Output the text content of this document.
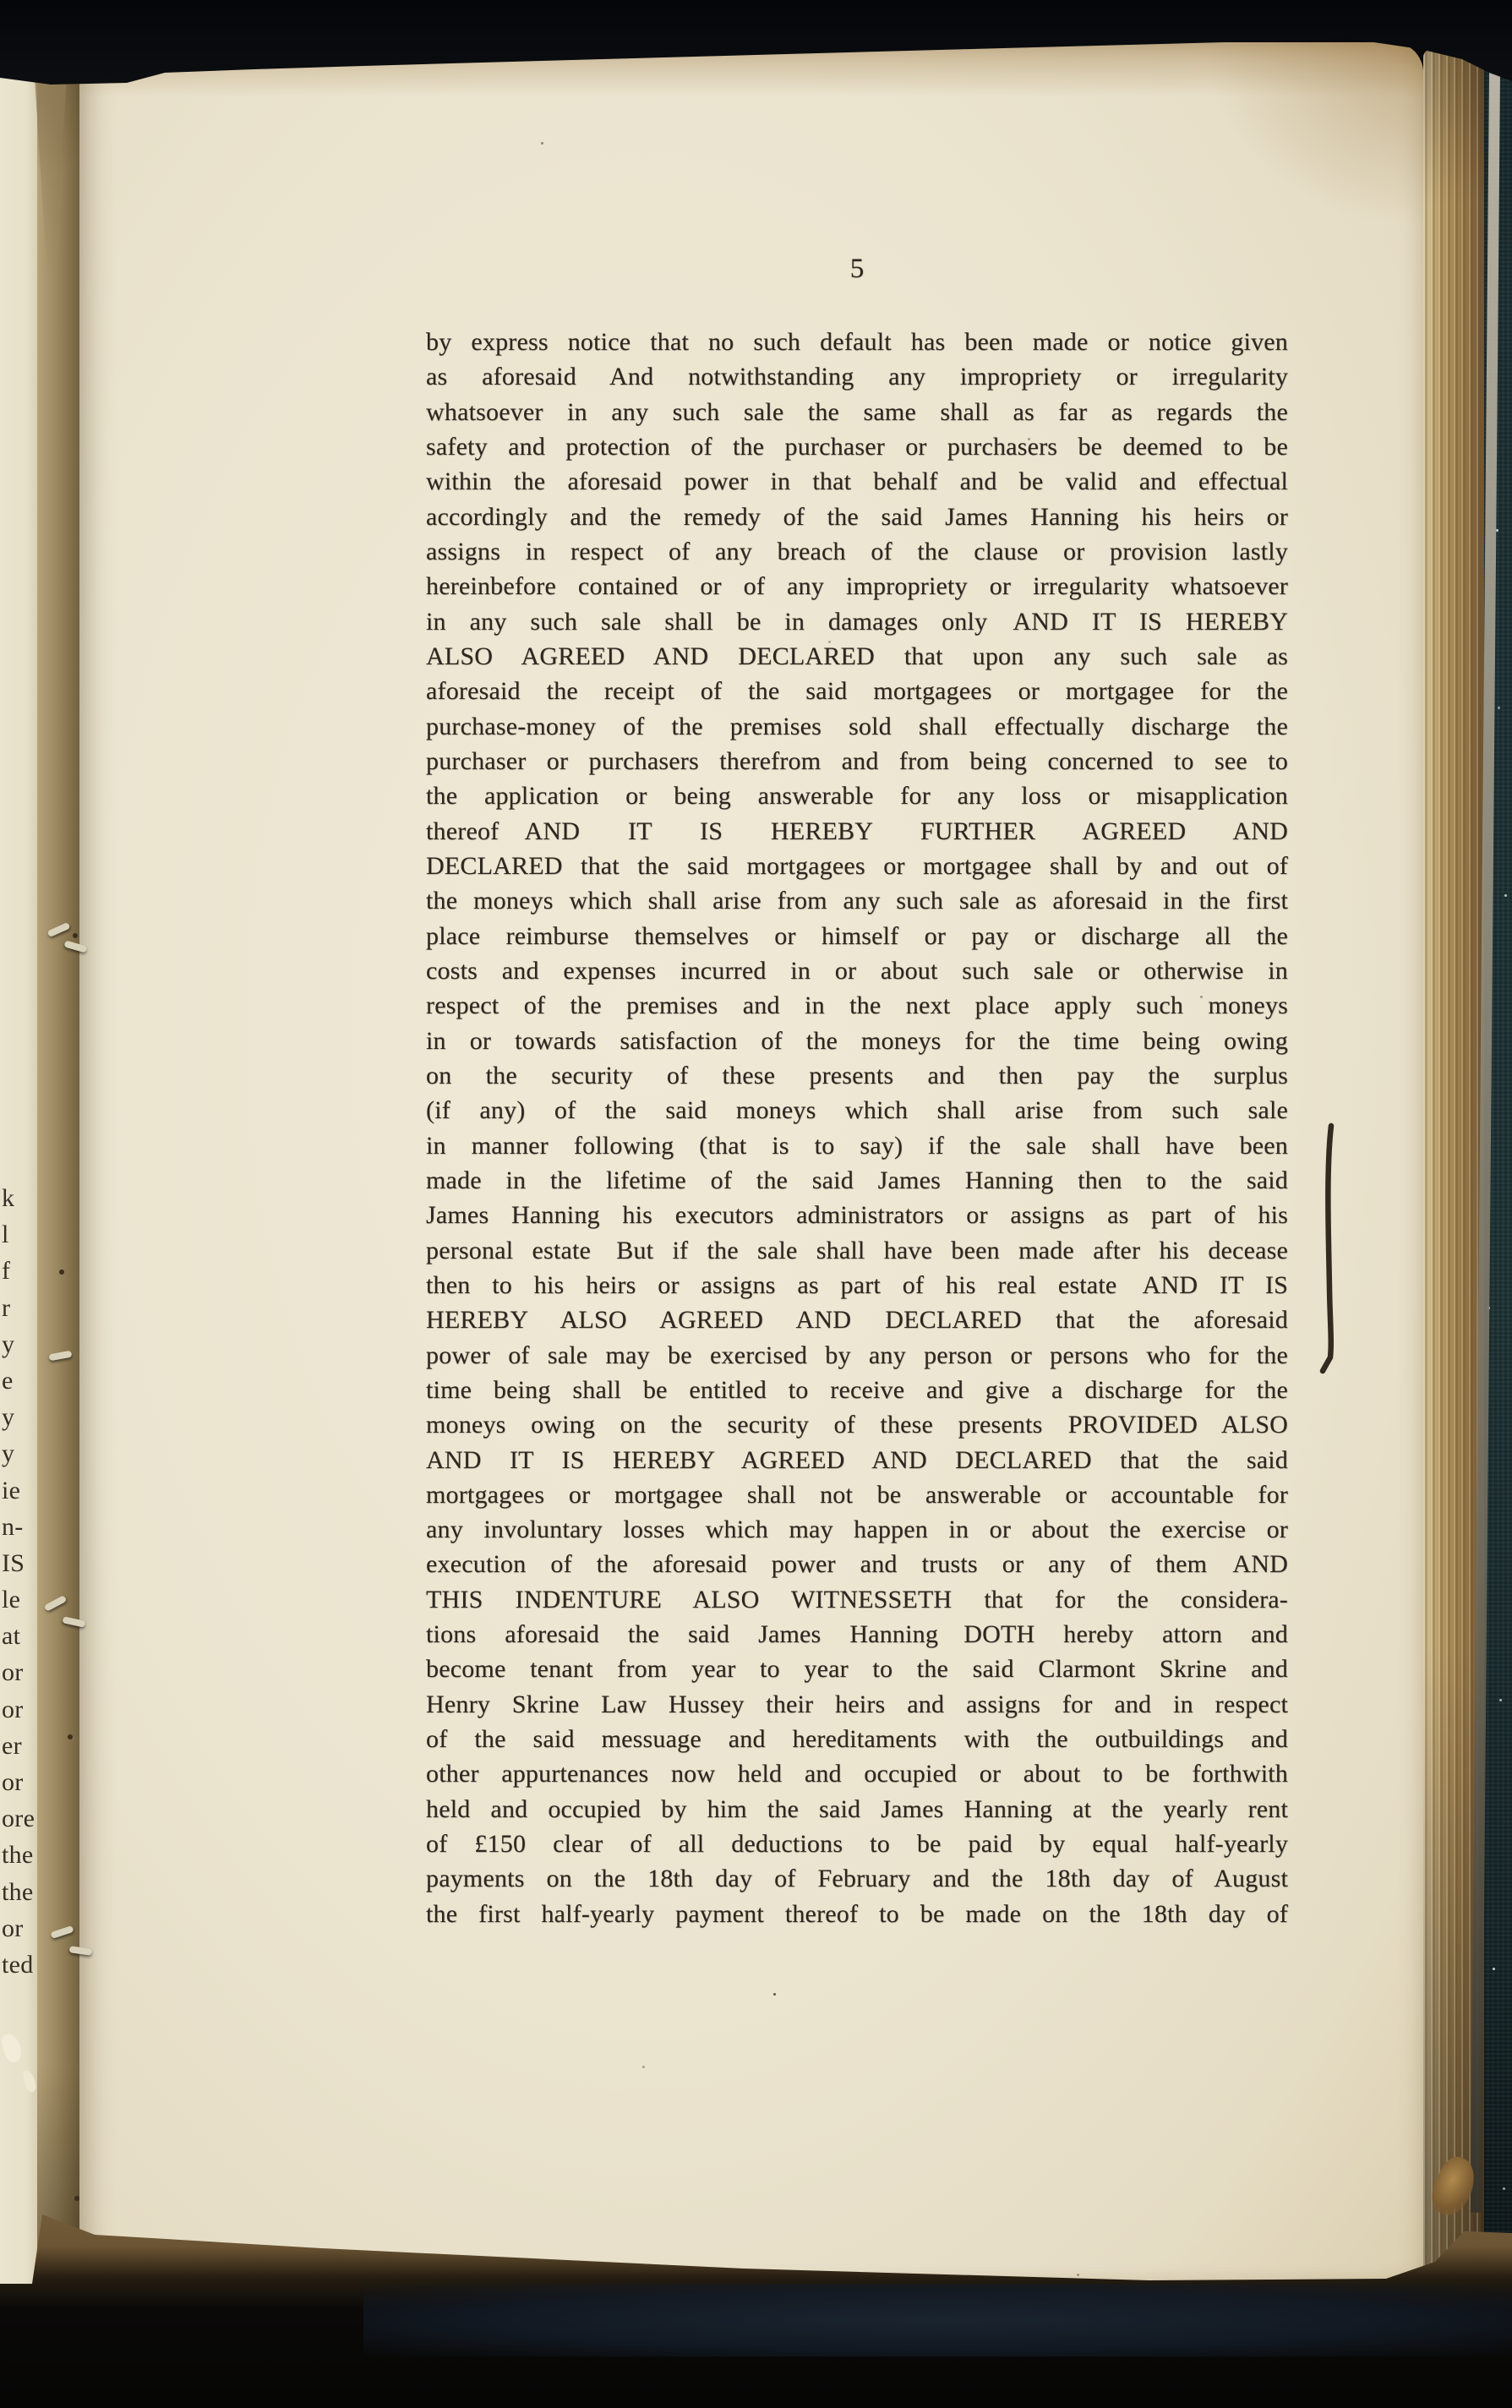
k
l
f
r
y
e
y
y
ie
n-
IS
le
at
or
or
er
or
ore
the
the
or
ted
5
by express notice that no such default has been made or notice given
as aforesaid And notwithstanding any impropriety or irregularity
whatsoever in any such sale the same shall as far as regards the
safety and protection of the purchaser or purchasers be deemed to be
within the aforesaid power in that behalf and be valid and effectual
accordingly and the remedy of the said James Hanning his heirs or
assigns in respect of any breach of the clause or provision lastly
hereinbefore contained or of any impropriety or irregularity whatsoever
in any such sale shall be in damages only AND IT IS HEREBY
ALSO AGREED AND DECLARED that upon any such sale as
aforesaid the receipt of the said mortgagees or mortgagee for the
purchase-money of the premises sold shall effectually discharge the
purchaser or purchasers therefrom and from being concerned to see to
the application or being answerable for any loss or misapplication
thereof AND IT IS HEREBY FURTHER AGREED AND
DECLARED that the said mortgagees or mortgagee shall by and out of
the moneys which shall arise from any such sale as aforesaid in the first
place reimburse themselves or himself or pay or discharge all the
costs and expenses incurred in or about such sale or otherwise in
respect of the premises and in the next place apply such moneys
in or towards satisfaction of the moneys for the time being owing
on the security of these presents and then pay the surplus
(if any) of the said moneys which shall arise from such sale
in manner following (that is to say) if the sale shall have been
made in the lifetime of the said James Hanning then to the said
James Hanning his executors administrators or assigns as part of his
personal estate But if the sale shall have been made after his decease
then to his heirs or assigns as part of his real estate AND IT IS
HEREBY ALSO AGREED AND DECLARED that the aforesaid
power of sale may be exercised by any person or persons who for the
time being shall be entitled to receive and give a discharge for the
moneys owing on the security of these presents PROVIDED ALSO
AND IT IS HEREBY AGREED AND DECLARED that the said
mortgagees or mortgagee shall not be answerable or accountable for
any involuntary losses which may happen in or about the exercise or
execution of the aforesaid power and trusts or any of them AND
THIS INDENTURE ALSO WITNESSETH that for the considera-
tions aforesaid the said James Hanning DOTH hereby attorn and
become tenant from year to year to the said Clarmont Skrine and
Henry Skrine Law Hussey their heirs and assigns for and in respect
of the said messuage and hereditaments with the outbuildings and
other appurtenances now held and occupied or about to be forthwith
held and occupied by him the said James Hanning at the yearly rent
of £150 clear of all deductions to be paid by equal half-yearly
payments on the 18th day of February and the 18th day of August
the first half-yearly payment thereof to be made on the 18th day of
